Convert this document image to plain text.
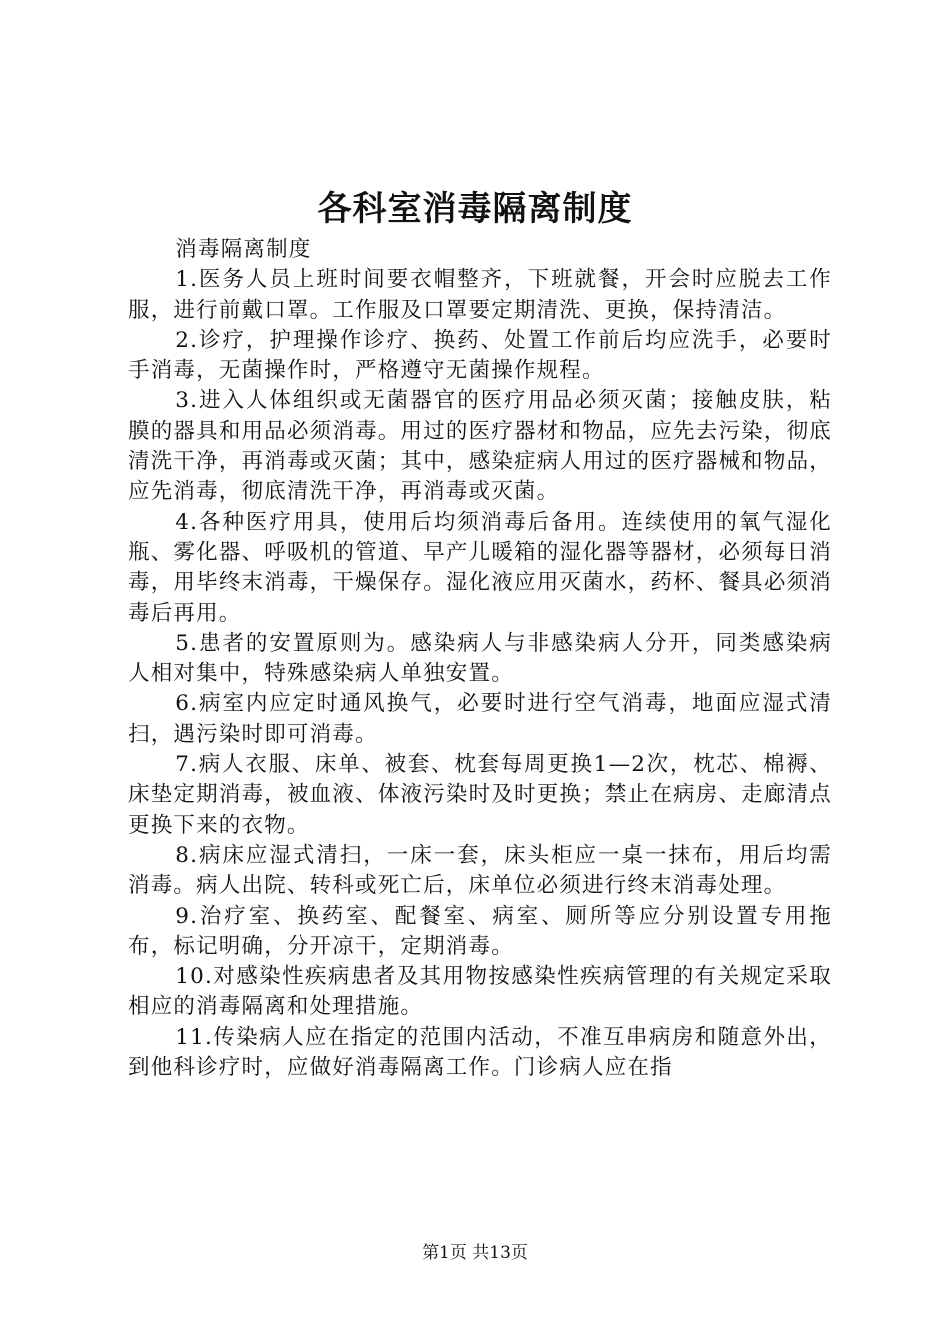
各科室消毒隔离制度

消毒隔离制度

1.医务人员上班时间要衣帽整齐，下班就餐，开会时应脱去工作服，进行前戴口罩。工作服及口罩要定期清洗、更换，保持清洁。

2.诊疗，护理操作诊疗、换药、处置工作前后均应洗手，必要时手消毒，无菌操作时，严格遵守无菌操作规程。

3.进入人体组织或无菌器官的医疗用品必须灭菌；接触皮肤，粘膜的器具和用品必须消毒。用过的医疗器材和物品，应先去污染，彻底清洗干净，再消毒或灭菌；其中，感染症病人用过的医疗器械和物品，应先消毒，彻底清洗干净，再消毒或灭菌。

4.各种医疗用具，使用后均须消毒后备用。连续使用的氧气湿化瓶、雾化器、呼吸机的管道、早产儿暖箱的湿化器等器材，必须每日消毒，用毕终末消毒，干燥保存。湿化液应用灭菌水，药杯、餐具必须消毒后再用。

5.患者的安置原则为。感染病人与非感染病人分开，同类感染病人相对集中，特殊感染病人单独安置。

6.病室内应定时通风换气，必要时进行空气消毒，地面应湿式清扫，遇污染时即可消毒。

7.病人衣服、床单、被套、枕套每周更换1—2次，枕芯、棉褥、床垫定期消毒，被血液、体液污染时及时更换；禁止在病房、走廊清点更换下来的衣物。

8.病床应湿式清扫，一床一套，床头柜应一桌一抹布，用后均需消毒。病人出院、转科或死亡后，床单位必须进行终末消毒处理。

9.治疗室、换药室、配餐室、病室、厕所等应分别设置专用拖布，标记明确，分开凉干，定期消毒。

10.对感染性疾病患者及其用物按感染性疾病管理的有关规定采取相应的消毒隔离和处理措施。

11.传染病人应在指定的范围内活动，不准互串病房和随意外出，到他科诊疗时，应做好消毒隔离工作。门诊病人应在指

第1页 共13页
